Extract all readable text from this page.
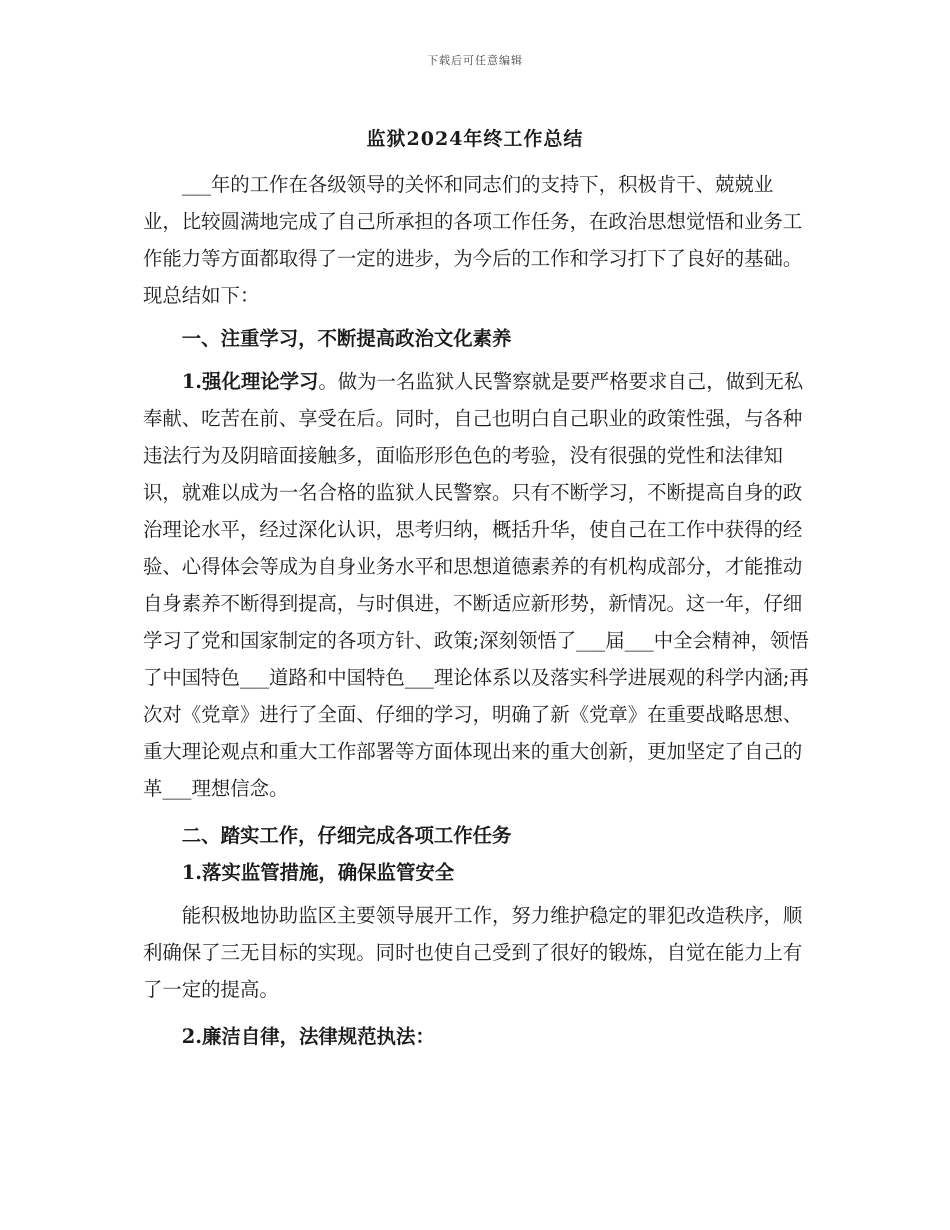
下载后可任意编辑
监狱2024年终工作总结

___年的工作在各级领导的关怀和同志们的支持下，积极肯干、兢兢业业，比较圆满地完成了自己所承担的各项工作任务，在政治思想觉悟和业务工作能力等方面都取得了一定的进步，为今后的工作和学习打下了良好的基础。现总结如下：

一、注重学习，不断提高政治文化素养

1.强化理论学习。做为一名监狱人民警察就是要严格要求自己，做到无私奉献、吃苦在前、享受在后。同时，自己也明白自己职业的政策性强，与各种违法行为及阴暗面接触多，面临形形色色的考验，没有很强的党性和法律知识，就难以成为一名合格的监狱人民警察。只有不断学习，不断提高自身的政治理论水平，经过深化认识，思考归纳，概括升华，使自己在工作中获得的经验、心得体会等成为自身业务水平和思想道德素养的有机构成部分，才能推动自身素养不断得到提高，与时俱进，不断适应新形势，新情况。这一年，仔细学习了党和国家制定的各项方针、政策;深刻领悟了___届___中全会精神，领悟了中国特色___道路和中国特色___理论体系以及落实科学进展观的科学内涵;再次对《党章》进行了全面、仔细的学习，明确了新《党章》在重要战略思想、重大理论观点和重大工作部署等方面体现出来的重大创新，更加坚定了自己的革___理想信念。

二、踏实工作，仔细完成各项工作任务

1.落实监管措施，确保监管安全

能积极地协助监区主要领导展开工作，努力维护稳定的罪犯改造秩序，顺利确保了三无目标的实现。同时也使自己受到了很好的锻炼，自觉在能力上有了一定的提高。

2.廉洁自律，法律规范执法：
